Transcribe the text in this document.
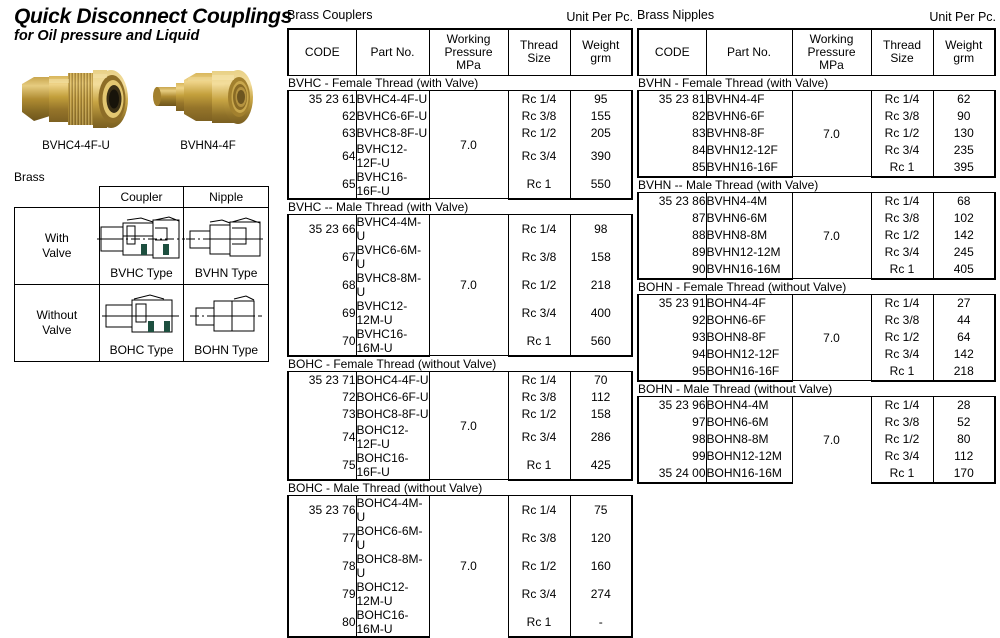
Quick Disconnect Couplings
for Oil pressure and Liquid
BVHC4-4F-U	BVHN4-4F
Brass
	Coupler	Nipple

With
Valve	BVHC Type	BVHN Type

Without
Valve	BOHC Type	BOHN Type
Brass Couplers	Unit Per Pc.
CODE	Part No.	Working
Pressure
MPa	Thread
Size	Weight
grm
BVHC - Female Thread (with Valve)				
35 23 61	BVHC4-4F-U	7.0	Rc 1/4	95
62	BVHC6-6F-U		Rc 3/8	155
63	BVHC8-8F-U		Rc 1/2	205
64	BVHC12-12F-U		Rc 3/4	390
65	BVHC16-16F-U		Rc 1	550
BVHC -- Male Thread (with Valve)				
35 23 66	BVHC4-4M-U	7.0	Rc 1/4	98
67	BVHC6-6M-U		Rc 3/8	158
68	BVHC8-8M-U		Rc 1/2	218
69	BVHC12-12M-U		Rc 3/4	400
70	BVHC16-16M-U		Rc 1	560
BOHC - Female Thread (without Valve)				
35 23 71	BOHC4-4F-U	7.0	Rc 1/4	70
72	BOHC6-6F-U		Rc 3/8	112
73	BOHC8-8F-U		Rc 1/2	158
74	BOHC12-12F-U		Rc 3/4	286
75	BOHC16-16F-U		Rc 1	425
BOHC - Male Thread (without Valve)				
35 23 76	BOHC4-4M-U	7.0	Rc 1/4	75
77	BOHC6-6M-U		Rc 3/8	120
78	BOHC8-8M-U		Rc 1/2	160
79	BOHC12-12M-U		Rc 3/4	274
80	BOHC16-16M-U		Rc 1	-
Brass Nipples	Unit Per Pc.
CODE	Part No.	Working
Pressure
MPa	Thread
Size	Weight
grm
BVHN - Female Thread (with Valve)				
35 23 81	BVHN4-4F	7.0	Rc 1/4	62
82	BVHN6-6F		Rc 3/8	90
83	BVHN8-8F		Rc 1/2	130
84	BVHN12-12F		Rc 3/4	235
85	BVHN16-16F		Rc 1	395
BVHN -- Male Thread (with Valve)				
35 23 86	BVHN4-4M	7.0	Rc 1/4	68
87	BVHN6-6M		Rc 3/8	102
88	BVHN8-8M		Rc 1/2	142
89	BVHN12-12M		Rc 3/4	245
90	BVHN16-16M		Rc 1	405
BOHN - Female Thread (without Valve)				
35 23 91	BOHN4-4F	7.0	Rc 1/4	27
92	BOHN6-6F		Rc 3/8	44
93	BOHN8-8F		Rc 1/2	64
94	BOHN12-12F		Rc 3/4	142
95	BOHN16-16F		Rc 1	218
BOHN - Male Thread (without Valve)				
35 23 96	BOHN4-4M	7.0	Rc 1/4	28
97	BOHN6-6M		Rc 3/8	52
98	BOHN8-8M		Rc 1/2	80
99	BOHN12-12M		Rc 3/4	112
35 24 00	BOHN16-16M		Rc 1	170
